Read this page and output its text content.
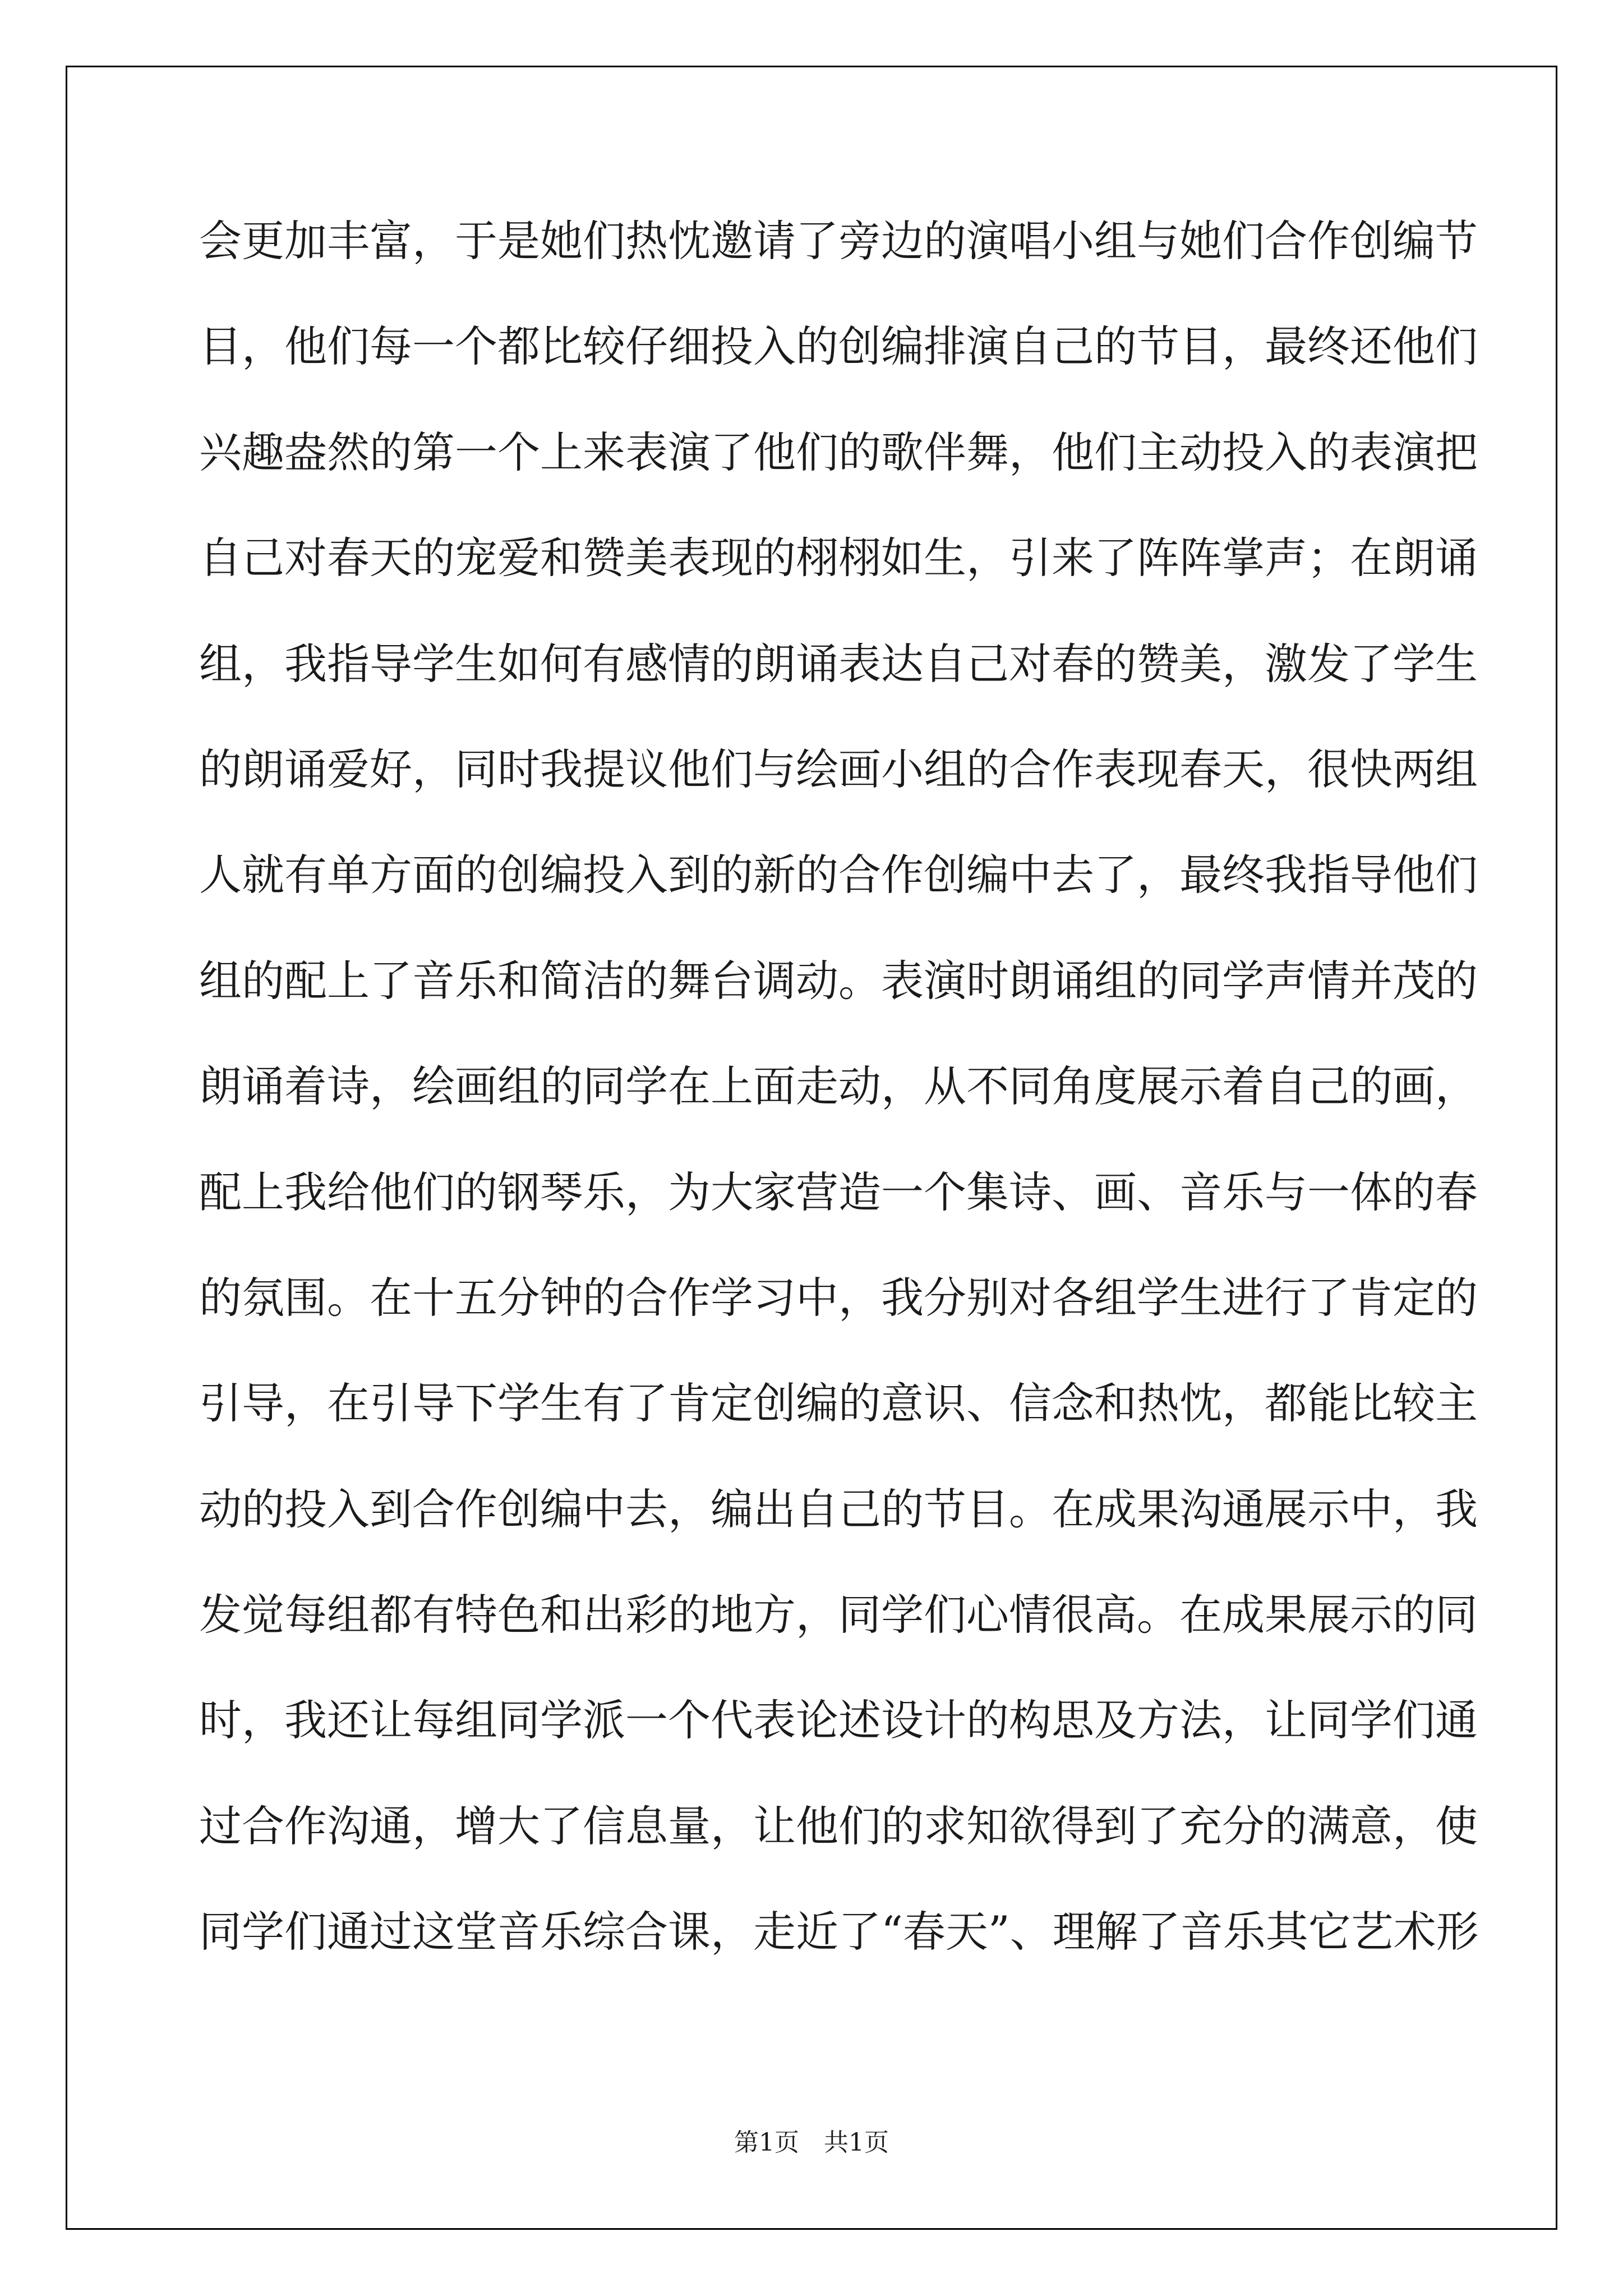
会更加丰富，于是她们热忱邀请了旁边的演唱小组与她们合作创编节
目，他们每一个都比较仔细投入的创编排演自己的节目，最终还他们
兴趣盎然的第一个上来表演了他们的歌伴舞，他们主动投入的表演把
自己对春天的宠爱和赞美表现的栩栩如生，引来了阵阵掌声；在朗诵
组，我指导学生如何有感情的朗诵表达自己对春的赞美，激发了学生
的朗诵爱好，同时我提议他们与绘画小组的合作表现春天，很快两组
人就有单方面的创编投入到的新的合作创编中去了，最终我指导他们
组的配上了音乐和简洁的舞台调动。表演时朗诵组的同学声情并茂的
朗诵着诗，绘画组的同学在上面走动，从不同角度展示着自己的画，
配上我给他们的钢琴乐，为大家营造一个集诗、画、音乐与一体的春
的氛围。在十五分钟的合作学习中，我分别对各组学生进行了肯定的
引导，在引导下学生有了肯定创编的意识、信念和热忱，都能比较主
动的投入到合作创编中去，编出自己的节目。在成果沟通展示中，我
发觉每组都有特色和出彩的地方，同学们心情很高。在成果展示的同
时，我还让每组同学派一个代表论述设计的构思及方法，让同学们通
过合作沟通，增大了信息量，让他们的求知欲得到了充分的满意，使
同学们通过这堂音乐综合课，走近了“春天”、理解了音乐其它艺术形
第1页　共1页
